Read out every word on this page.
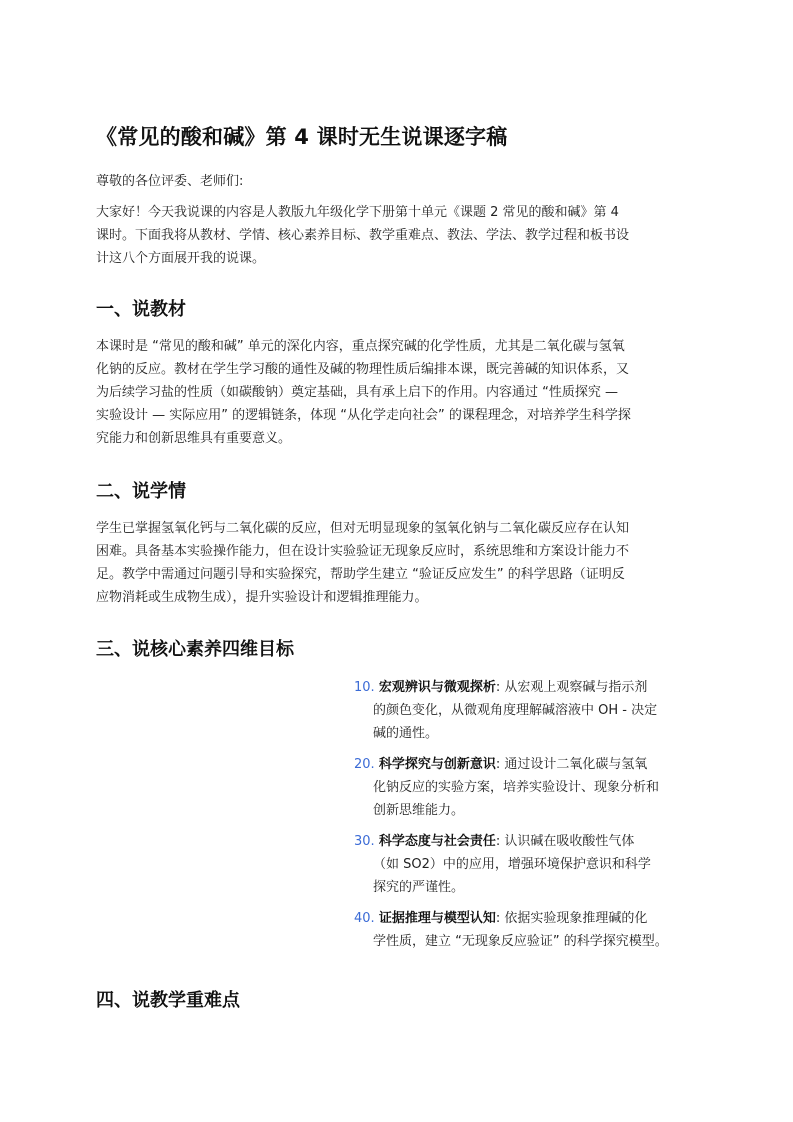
《常见的酸和碱》第 4 课时无生说课逐字稿

尊敬的各位评委、老师们:

大家好！今天我说课的内容是人教版九年级化学下册第十单元《课题 2 常见的酸和碱》第 4
课时。下面我将从教材、学情、核心素养目标、教学重难点、教法、学法、教学过程和板书设
计这八个方面展开我的说课。

一、说教材

本课时是 “常见的酸和碱” 单元的深化内容，重点探究碱的化学性质，尤其是二氧化碳与氢氧
化钠的反应。教材在学生学习酸的通性及碱的物理性质后编排本课，既完善碱的知识体系，又
为后续学习盐的性质（如碳酸钠）奠定基础，具有承上启下的作用。内容通过 “性质探究 —
实验设计 — 实际应用” 的逻辑链条，体现 “从化学走向社会” 的课程理念，对培养学生科学探
究能力和创新思维具有重要意义。

二、说学情

学生已掌握氢氧化钙与二氧化碳的反应，但对无明显现象的氢氧化钠与二氧化碳反应存在认知
困难。具备基本实验操作能力，但在设计实验验证无现象反应时，系统思维和方案设计能力不
足。教学中需通过问题引导和实验探究，帮助学生建立 “验证反应发生” 的科学思路（证明反
应物消耗或生成物生成），提升实验设计和逻辑推理能力。

三、说核心素养四维目标
10. 宏观辨识与微观探析: 从宏观上观察碱与指示剂
的颜色变化，从微观角度理解碱溶液中 OH - 决定
碱的通性。
20. 科学探究与创新意识: 通过设计二氧化碳与氢氧
化钠反应的实验方案，培养实验设计、现象分析和
创新思维能力。
30. 科学态度与社会责任: 认识碱在吸收酸性气体
（如 SO2）中的应用，增强环境保护意识和科学
探究的严谨性。
40. 证据推理与模型认知: 依据实验现象推理碱的化
学性质，建立 “无现象反应验证” 的科学探究模型。
四、说教学重难点
